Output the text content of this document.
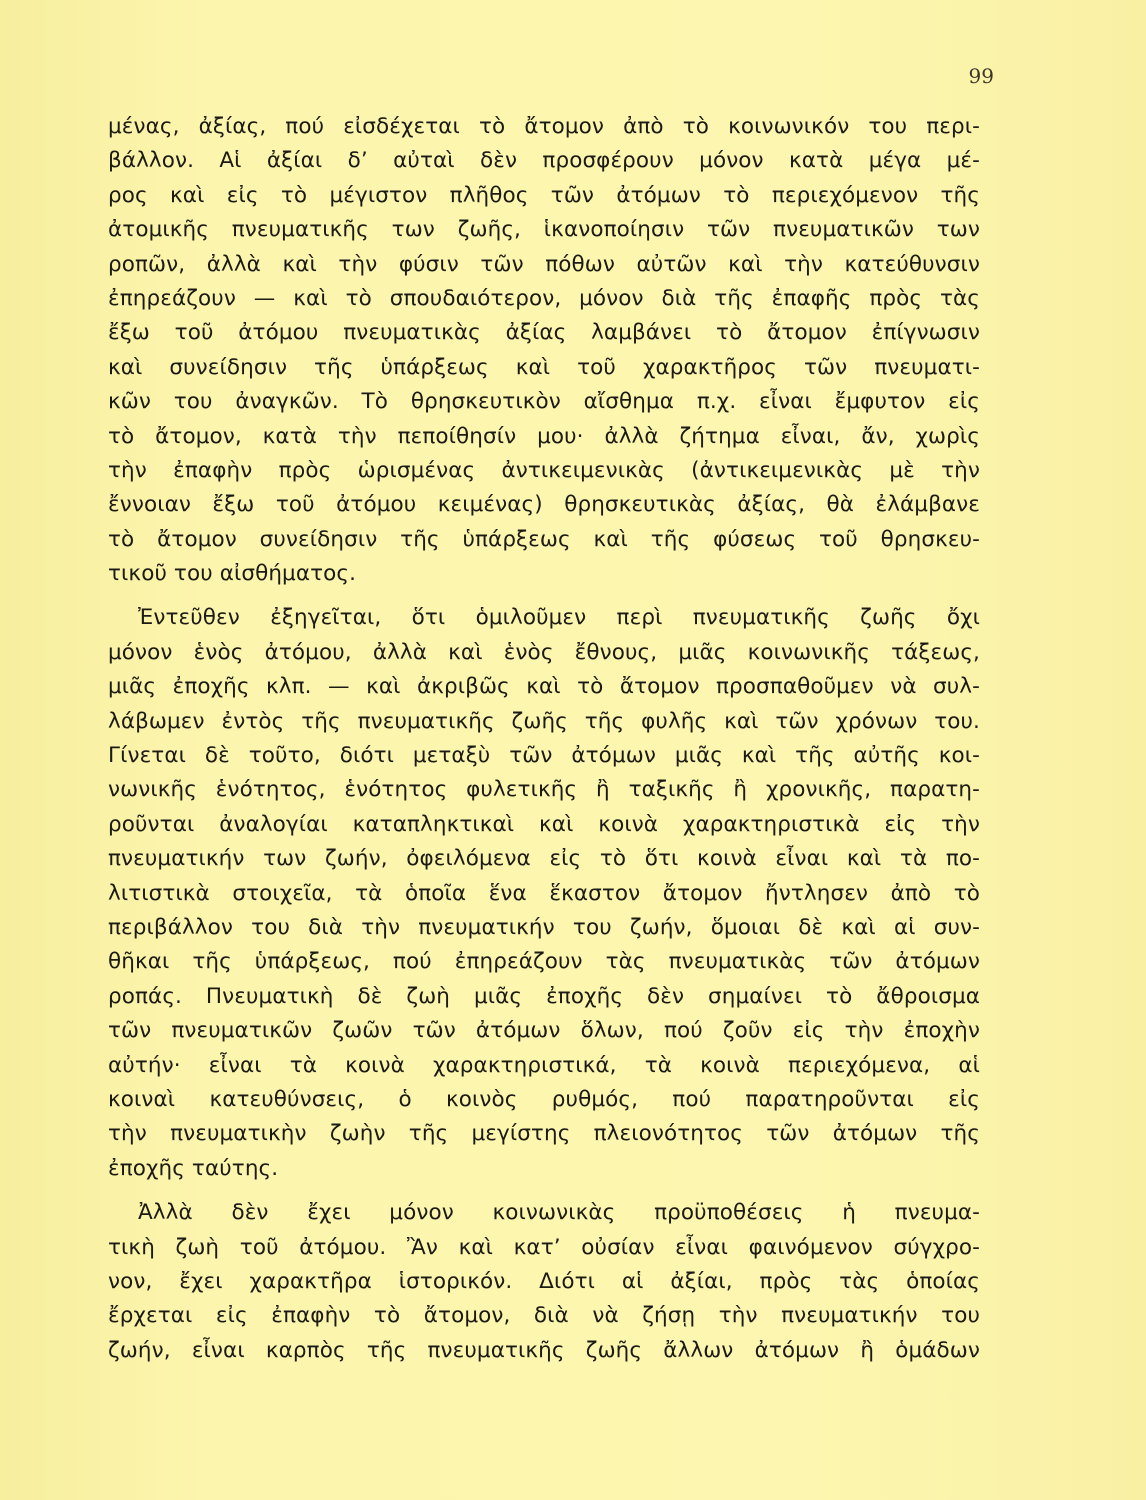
99
μένας, ἀξίας, πού εἰσδέχεται τὸ ἄτομον ἀπὸ τὸ κοινωνικόν του περι-
βάλλον. Αἱ ἀξίαι δ’ αὐταὶ δὲν προσφέρουν μόνον κατὰ μέγα μέ-
ρος καὶ εἰς τὸ μέγιστον πλῆθος τῶν ἀτόμων τὸ περιεχόμενον τῆς
ἀτομικῆς πνευματικῆς των ζωῆς, ἱκανοποίησιν τῶν πνευματικῶν των
ροπῶν, ἀλλὰ καὶ τὴν φύσιν τῶν πόθων αὐτῶν καὶ τὴν κατεύθυνσιν
ἐπηρεάζουν — καὶ τὸ σπουδαιότερον, μόνον διὰ τῆς ἐπαφῆς πρὸς τὰς
ἔξω τοῦ ἀτόμου πνευματικὰς ἀξίας λαμβάνει τὸ ἄτομον ἐπίγνωσιν
καὶ συνείδησιν τῆς ὑπάρξεως καὶ τοῦ χαρακτῆρος τῶν πνευματι-
κῶν του ἀναγκῶν. Τὸ θρησκευτικὸν αἴσθημα π.χ. εἶναι ἔμφυτον εἰς
τὸ ἄτομον, κατὰ τὴν πεποίθησίν μου· ἀλλὰ ζήτημα εἶναι, ἄν, χωρὶς
τὴν ἐπαφὴν πρὸς ὡρισμένας ἀντικειμενικὰς (ἀντικειμενικὰς μὲ τὴν
ἔννοιαν ἔξω τοῦ ἀτόμου κειμένας) θρησκευτικὰς ἀξίας, θὰ ἐλάμβανε
τὸ ἄτομον συνείδησιν τῆς ὑπάρξεως καὶ τῆς φύσεως τοῦ θρησκευ-
τικοῦ του αἰσθήματος.
Ἐντεῦθεν ἐξηγεῖται, ὅτι ὁμιλοῦμεν περὶ πνευματικῆς ζωῆς ὄχι
μόνον ἑνὸς ἀτόμου, ἀλλὰ καὶ ἑνὸς ἔθνους, μιᾶς κοινωνικῆς τάξεως,
μιᾶς ἐποχῆς κλπ. — καὶ ἀκριβῶς καὶ τὸ ἄτομον προσπαθοῦμεν νὰ συλ-
λάβωμεν ἐντὸς τῆς πνευματικῆς ζωῆς τῆς φυλῆς καὶ τῶν χρόνων του.
Γίνεται δὲ τοῦτο, διότι μεταξὺ τῶν ἀτόμων μιᾶς καὶ τῆς αὐτῆς κοι-
νωνικῆς ἑνότητος, ἑνότητος φυλετικῆς ἢ ταξικῆς ἢ χρονικῆς, παρατη-
ροῦνται ἀναλογίαι καταπληκτικαὶ καὶ κοινὰ χαρακτηριστικὰ εἰς τὴν
πνευματικήν των ζωήν, ὀφειλόμενα εἰς τὸ ὅτι κοινὰ εἶναι καὶ τὰ πο-
λιτιστικὰ στοιχεῖα, τὰ ὁποῖα ἕνα ἕκαστον ἄτομον ἤντλησεν ἀπὸ τὸ
περιβάλλον του διὰ τὴν πνευματικήν του ζωήν, ὅμοιαι δὲ καὶ αἱ συν-
θῆκαι τῆς ὑπάρξεως, πού ἐπηρεάζουν τὰς πνευματικὰς τῶν ἀτόμων
ροπάς. Πνευματικὴ δὲ ζωὴ μιᾶς ἐποχῆς δὲν σημαίνει τὸ ἄθροισμα
τῶν πνευματικῶν ζωῶν τῶν ἀτόμων ὅλων, πού ζοῦν εἰς τὴν ἐποχὴν
αὐτήν· εἶναι τὰ κοινὰ χαρακτηριστικά, τὰ κοινὰ περιεχόμενα, αἱ
κοιναὶ κατευθύνσεις, ὁ κοινὸς ρυθμός, πού παρατηροῦνται εἰς
τὴν πνευματικὴν ζωὴν τῆς μεγίστης πλειονότητος τῶν ἀτόμων τῆς
ἐποχῆς ταύτης.
Ἀλλὰ δὲν ἔχει μόνον κοινωνικὰς προϋποθέσεις ἡ πνευμα-
τικὴ ζωὴ τοῦ ἀτόμου. Ἂν καὶ κατ’ οὐσίαν εἶναι φαινόμενον σύγχρο-
νον, ἔχει χαρακτῆρα ἱστορικόν. Διότι αἱ ἀξίαι, πρὸς τὰς ὁποίας
ἔρχεται εἰς ἐπαφὴν τὸ ἄτομον, διὰ νὰ ζήσῃ τὴν πνευματικήν του
ζωήν, εἶναι καρπὸς τῆς πνευματικῆς ζωῆς ἄλλων ἀτόμων ἢ ὁμάδων
